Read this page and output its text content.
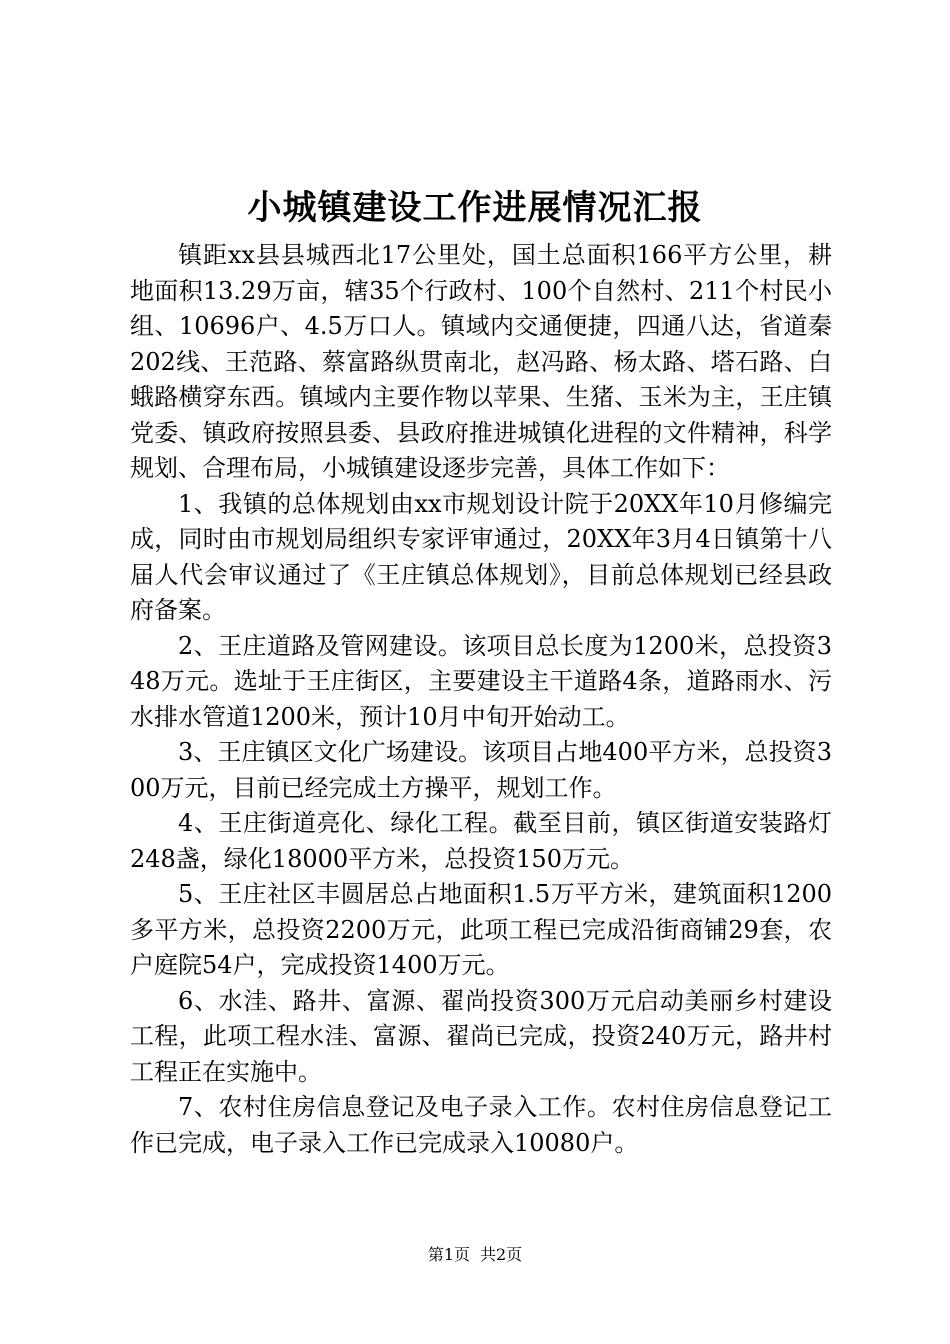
小城镇建设工作进展情况汇报

镇距xx县县城西北17公里处，国土总面积166平方公里，耕地面积13.29万亩，辖35个行政村、100个自然村、211个村民小组、10696户、4.5万口人。镇域内交通便捷，四通八达，省道秦202线、王范路、蔡富路纵贯南北，赵冯路、杨太路、塔石路、白蛾路横穿东西。镇域内主要作物以苹果、生猪、玉米为主，王庄镇党委、镇政府按照县委、县政府推进城镇化进程的文件精神，科学规划、合理布局，小城镇建设逐步完善，具体工作如下：

1、我镇的总体规划由xx市规划设计院于20XX年10月修编完成，同时由市规划局组织专家评审通过，20XX年3月4日镇第十八届人代会审议通过了《王庄镇总体规划》，目前总体规划已经县政府备案。

2、王庄道路及管网建设。该项目总长度为1200米，总投资348万元。选址于王庄街区，主要建设主干道路4条，道路雨水、污水排水管道1200米，预计10月中旬开始动工。

3、王庄镇区文化广场建设。该项目占地400平方米，总投资300万元，目前已经完成土方操平，规划工作。

4、王庄街道亮化、绿化工程。截至目前，镇区街道安装路灯248盏，绿化18000平方米，总投资150万元。

5、王庄社区丰圆居总占地面积1.5万平方米，建筑面积1200多平方米，总投资2200万元，此项工程已完成沿街商铺29套，农户庭院54户，完成投资1400万元。

6、水洼、路井、富源、翟尚投资300万元启动美丽乡村建设工程，此项工程水洼、富源、翟尚已完成，投资240万元，路井村工程正在实施中。

7、农村住房信息登记及电子录入工作。农村住房信息登记工作已完成，电子录入工作已完成录入10080户。

第1页 共2页
